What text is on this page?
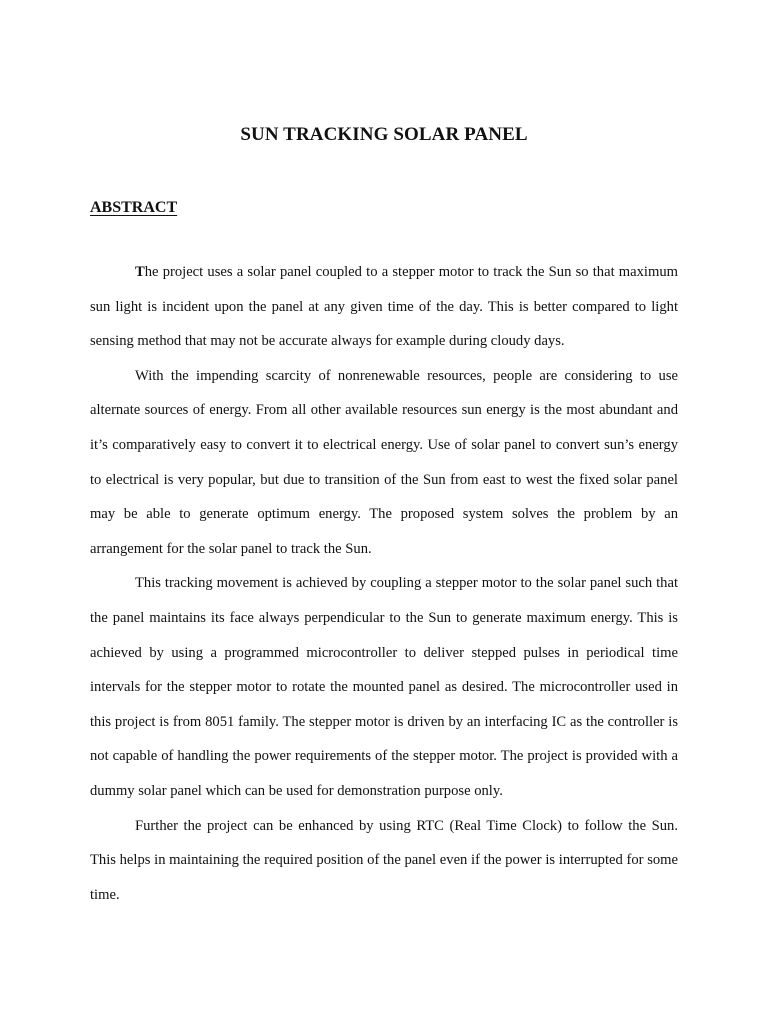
SUN TRACKING SOLAR PANEL
ABSTRACT

The project uses a solar panel coupled to a stepper motor to track the Sun so that maximum sun light is incident upon the panel at any given time of the day. This is better compared to light sensing method that may not be accurate always for example during cloudy days.

With the impending scarcity of nonrenewable resources, people are considering to use alternate sources of energy. From all other available resources sun energy is the most abundant and it’s comparatively easy to convert it to electrical energy. Use of solar panel to convert sun’s energy to electrical is very popular, but due to transition of the Sun from east to west the fixed solar panel may be able to generate optimum energy. The proposed system solves the problem by an arrangement for the solar panel to track the Sun.

This tracking movement is achieved by coupling a stepper motor to the solar panel such that the panel maintains its face always perpendicular to the Sun to generate maximum energy. This is achieved by using a programmed microcontroller to deliver stepped pulses in periodical time intervals for the stepper motor to rotate the mounted panel as desired. The microcontroller used in this project is from 8051 family. The stepper motor is driven by an interfacing IC as the controller is not capable of handling the power requirements of the stepper motor. The project is provided with a dummy solar panel which can be used for demonstration purpose only.

Further the project can be enhanced by using RTC (Real Time Clock) to follow the Sun. This helps in maintaining the required position of the panel even if the power is interrupted for some time.
